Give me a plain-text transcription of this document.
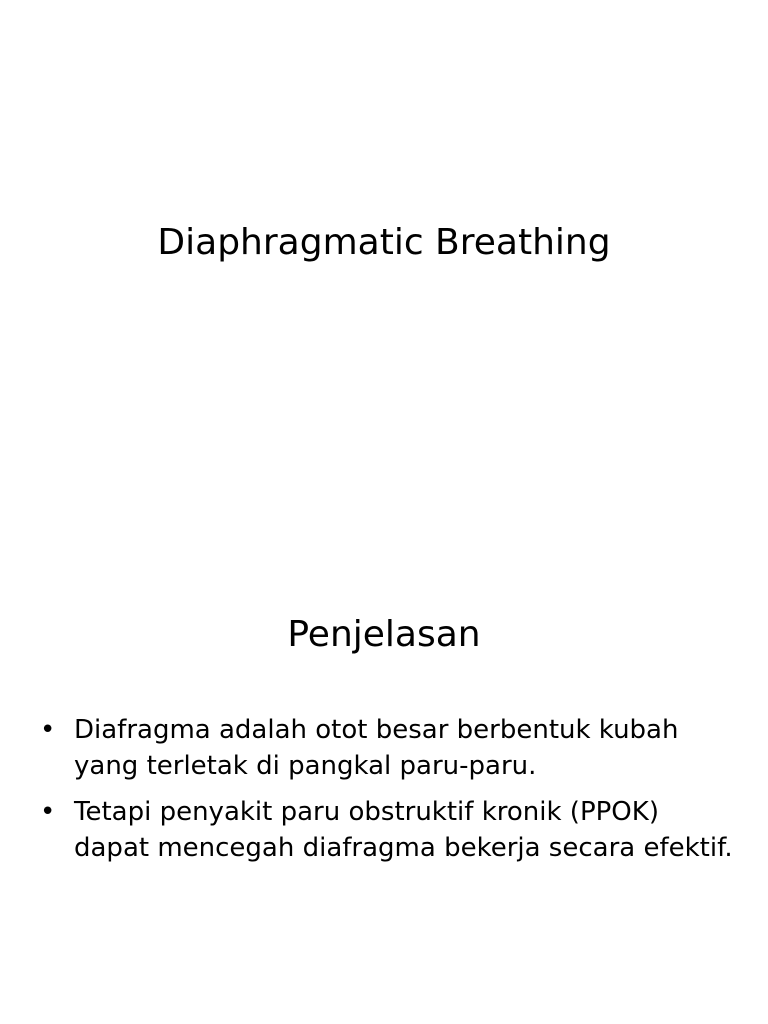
Diaphragmatic Breathing
Penjelasan
• Diafragma adalah otot besar berbentuk kubah yang terletak di pangkal paru-paru.
• Tetapi penyakit paru obstruktif kronik (PPOK) dapat mencegah diafragma bekerja secara efektif.
